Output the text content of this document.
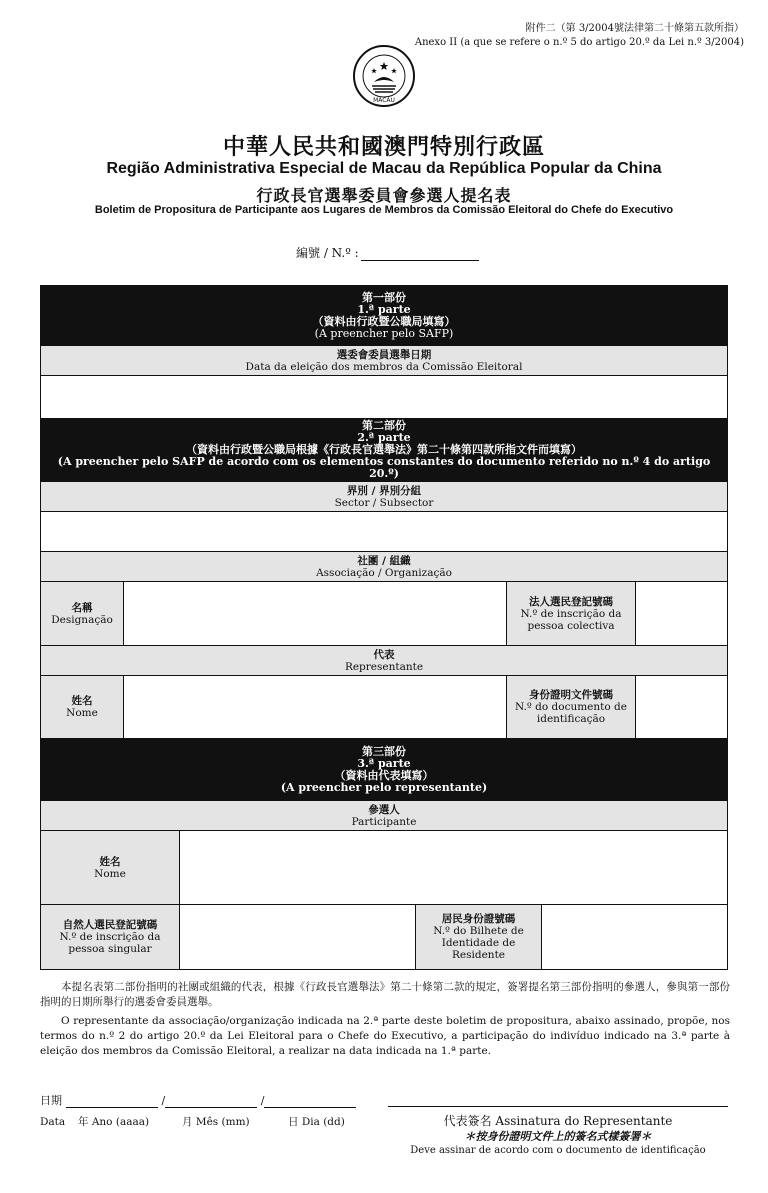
附件二（第 3/2004號法律第二十條第五款所指）
Anexo II (a que se refere o n.º 5 do artigo 20.º da Lei n.º 3/2004)
MACAU
中華人民共和國澳門特別行政區
Região Administrativa Especial de Macau da República Popular da China
行政長官選舉委員會參選人提名表
Boletim de Propositura de Participante aos Lugares de Membros da Comissão Eleitoral do Chefe do Executivo
編號 / N.º :
第一部份
1.ª parte
（資料由行政暨公職局填寫）
(A preencher pelo SAFP)
選委會委員選舉日期
Data da eleição dos membros da Comissão Eleitoral
第二部份
2.ª parte
（資料由行政暨公職局根據《行政長官選舉法》第二十條第四款所指文件而填寫）
(A preencher pelo SAFP de acordo com os elementos constantes do documento referido no n.º 4 do artigo 20.º)
界別 / 界別分組
Sector / Subsector
社團 / 組織
Associação / Organização
名稱
Designação
法人選民登記號碼
N.º de inscrição da
pessoa colectiva
代表
Representante
姓名
Nome
身份證明文件號碼
N.º do documento de
identificação
第三部份
3.ª parte
（資料由代表填寫）
(A preencher pelo representante)
參選人
Participante
姓名
Nome
自然人選民登記號碼
N.º de inscrição da
pessoa singular
居民身份證號碼
N.º do Bilhete de
Identidade de Residente
本提名表第二部份指明的社團或組織的代表，根據《行政長官選舉法》第二十條第二款的規定，簽署提名第三部份指明的參選人，參與第一部份指明的日期所舉行的選委會委員選舉。
O representante da associação/organização indicada na 2.ª parte deste boletim de propositura, abaixo assinado, propõe, nos termos do n.º 2 do artigo 20.º da Lei Eleitoral para o Chefe do Executivo, a participação do indivíduo indicado na 3.ª parte à eleição dos membros da Comissão Eleitoral, a realizar na data indicada na 1.ª parte.
日期	/	/
Data 年 Ano (aaaa)	月 Mês (mm)	日 Dia (dd)	代表簽名 Assinatura do Representante
＊按身份證明文件上的簽名式樣簽署＊
Deve assinar de acordo com o documento de identificação
